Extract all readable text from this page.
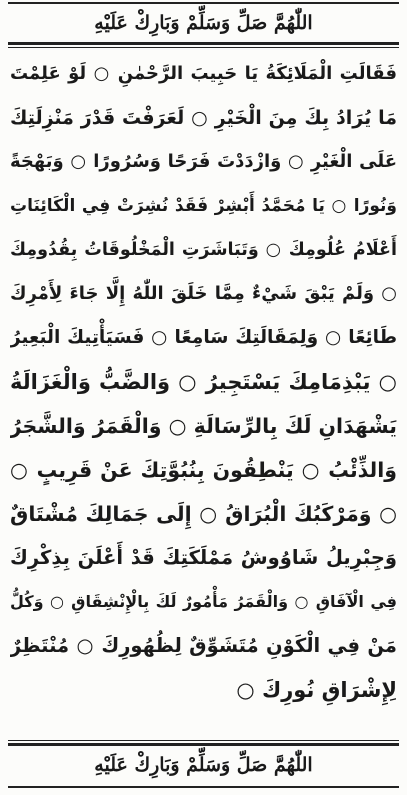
اللّٰهُمَّ صَلِّ وَسَلِّمْ وَبَارِكْ عَلَيْهِ
فَقَالَتِ الْمَلَائِكَةُ يَا حَبِيبَ الرَّحْمٰنِ ○ لَوْ عَلِمْتَ
مَا يُرَادُ بِكَ مِنَ الْخَيْرِ ○ لَعَرَفْتَ قَدْرَ مَنْزِلَتِكَ
عَلَى الْغَيْرِ ○ وَازْدَدْتَ فَرَحًا وَسُرُورًا ○ وَبَهْجَةً
وَنُورًا ○ يَا مُحَمَّدُ أَبْشِرْ فَقَدْ نُشِرَتْ فِي الْكَائِنَاتِ
أَعْلَامُ عُلُومِكَ ○ وَتَبَاشَرَتِ الْمَخْلُوقَاتُ بِقُدُومِكَ
○ وَلَمْ يَبْقَ شَيْءٌ مِمَّا خَلَقَ اللّٰهُ إِلَّا جَاءَ لِأَمْرِكَ
طَائِعًا ○ وَلِمَقَالَتِكَ سَامِعًا ○ فَسَيَأْتِيكَ الْبَعِيرُ
○ يَبْذِمَامِكَ يَسْتَجِيرُ ○ وَالضَّبُّ وَالْغَزَالَةُ
يَشْهَدَانِ لَكَ بِالرِّسَالَةِ ○ وَالْقَمَرُ وَالشَّجَرُ
وَالذِّئْبُ ○ يَنْطِقُونَ بِنُبُوَّتِكَ عَنْ قَرِيبٍ ○
○ وَمَرْكَبُكَ الْبُرَاقُ ○ إِلَى جَمَالِكَ مُشْتَاقٌ
وَجِبْرِيلُ شَاوُوشُ مَمْلَكَتِكَ قَدْ أَعْلَنَ بِذِكْرِكَ
فِي الْآفَاقِ ○ وَالْقَمَرُ مَأْمُورٌ لَكَ بِالْإِنْشِقَاقِ ○ وَكُلُّ
مَنْ فِي الْكَوْنِ مُتَشَوِّقٌ لِظُهُورِكَ ○ مُنْتَظِرٌ
لِإِشْرَاقِ نُورِكَ ○
اللّٰهُمَّ صَلِّ وَسَلِّمْ وَبَارِكْ عَلَيْهِ
